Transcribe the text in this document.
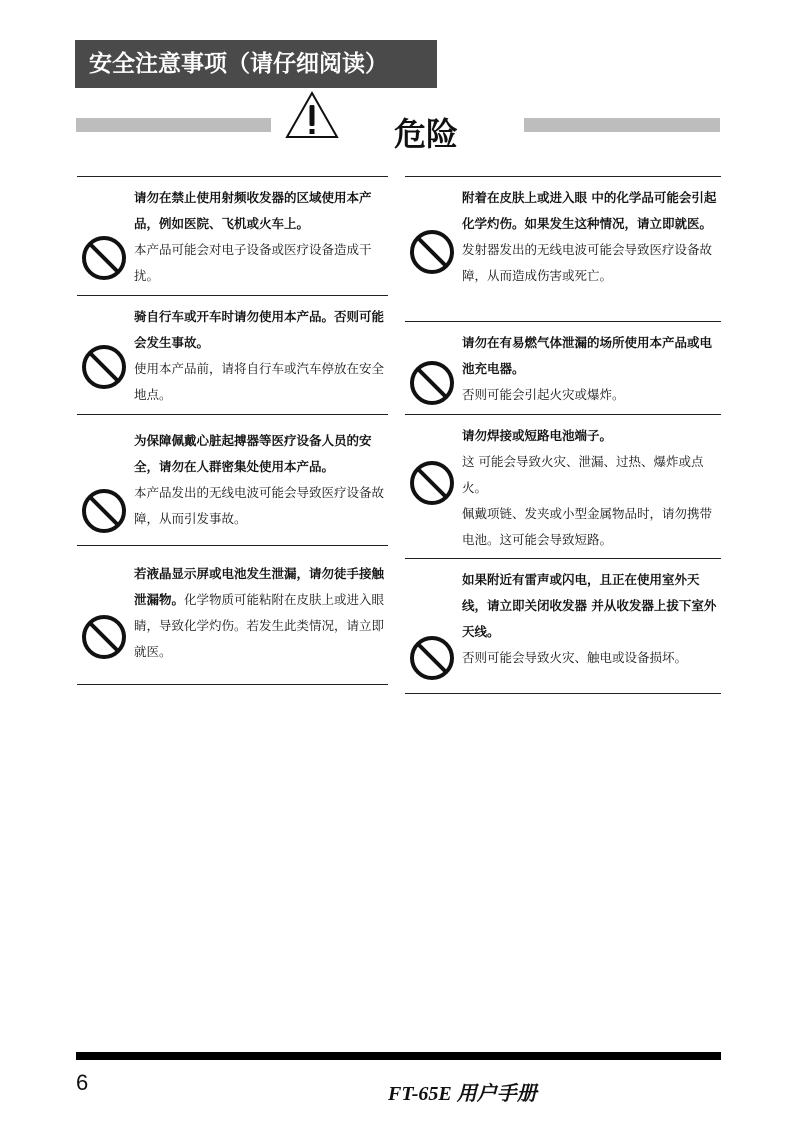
安全注意事项（请仔细阅读）
危险
请勿在禁止使用射频收发器的区域使用本产品，例如医院、飞机或火车上。
本产品可能会对电子设备或医疗设备造成干扰。
骑自行车或开车时请勿使用本产品。否则可能会发生事故。
使用本产品前，请将自行车或汽车停放在安全地点。
为保障佩戴心脏起搏器等医疗设备人员的安全，请勿在人群密集处使用本产品。
本产品发出的无线电波可能会导致医疗设备故障，从而引发事故。
若液晶显示屏或电池发生泄漏，请勿徒手接触泄漏物。化学物质可能粘附在皮肤上或进入眼睛，导致化学灼伤。若发生此类情况，请立即就医。
附着在皮肤上或进入眼 中的化学品可能会引起化学灼伤。如果发生这种情况，请立即就医。
发射器发出的无线电波可能会导致医疗设备故障，从而造成伤害或死亡。
请勿在有易燃气体泄漏的场所使用本产品或电池充电器。
否则可能会引起火灾或爆炸。
请勿焊接或短路电池端子。
这 可能会导致火灾、泄漏、过热、爆炸或点火。
佩戴项链、发夹或小型金属物品时，请勿携带电池。这可能会导致短路。
如果附近有雷声或闪电，且正在使用室外天线，请立即关闭收发器 并从收发器上拔下室外天线。
否则可能会导致火灾、触电或设备损坏。
6	FT-65E 用户手册
